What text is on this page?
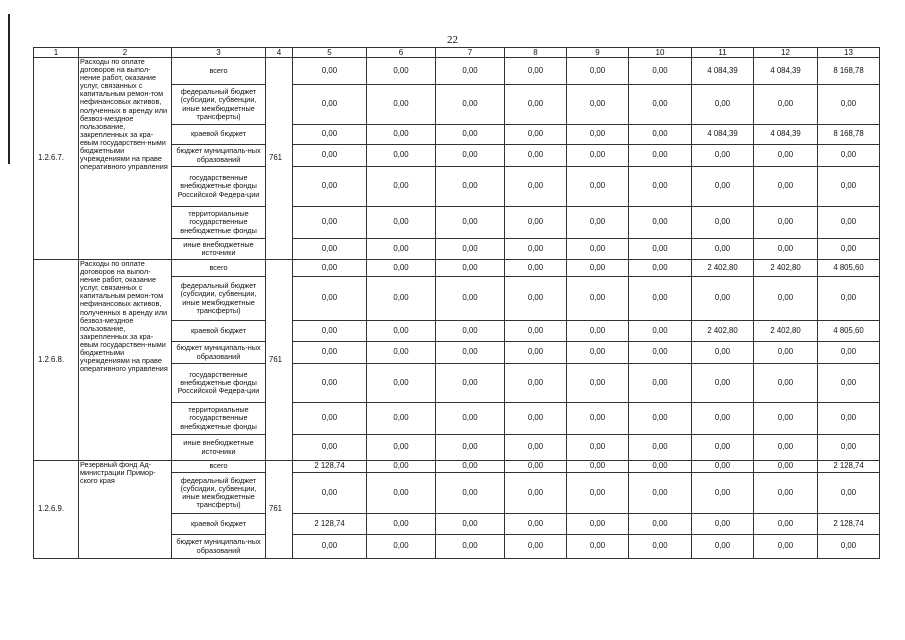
22
1	2	3	4	5	6	7	8	9	10	11	12	13
1.2.6.7.	Расходы по оплате договоров на выпол-нение работ, оказание услуг, связанных с капитальным ремон-том нефинансовых активов, полученных в аренду или безвоз-мездное пользование, закрепленных за кра-евым государствен-ными бюджетными учреждениями на праве оперативного управления	всего	761	0,00	0,00	0,00	0,00	0,00	0,00	4 084,39	4 084,39	8 168,78
		федеральный бюджет (субсидии, субвенции, иные межбюджетные трансферты)		0,00	0,00	0,00	0,00	0,00	0,00	0,00	0,00	0,00
		краевой бюджет		0,00	0,00	0,00	0,00	0,00	0,00	4 084,39	4 084,39	8 168,78
		бюджет муниципаль-ных образований		0,00	0,00	0,00	0,00	0,00	0,00	0,00	0,00	0,00
		государственные внебюджетные фонды Российской Федера-ции		0,00	0,00	0,00	0,00	0,00	0,00	0,00	0,00	0,00
		территориальные государственные внебюджетные фонды		0,00	0,00	0,00	0,00	0,00	0,00	0,00	0,00	0,00
		иные внебюджетные источники		0,00	0,00	0,00	0,00	0,00	0,00	0,00	0,00	0,00
1.2.6.8.	Расходы по оплате договоров на выпол-нение работ, оказание услуг, связанных с капитальным ремон-том нефинансовых активов, полученных в аренду или безвоз-мездное пользование, закрепленных за кра-евым государствен-ными бюджетными учреждениями на праве оперативного управления	всего	761	0,00	0,00	0,00	0,00	0,00	0,00	2 402,80	2 402,80	4 805,60
		федеральный бюджет (субсидии, субвенции, иные межбюджетные трансферты)		0,00	0,00	0,00	0,00	0,00	0,00	0,00	0,00	0,00
		краевой бюджет		0,00	0,00	0,00	0,00	0,00	0,00	2 402,80	2 402,80	4 805,60
		бюджет муниципаль-ных образований		0,00	0,00	0,00	0,00	0,00	0,00	0,00	0,00	0,00
		государственные внебюджетные фонды Российской Федера-ции		0,00	0,00	0,00	0,00	0,00	0,00	0,00	0,00	0,00
		территориальные государственные внебюджетные фонды		0,00	0,00	0,00	0,00	0,00	0,00	0,00	0,00	0,00
		иные внебюджетные источники		0,00	0,00	0,00	0,00	0,00	0,00	0,00	0,00	0,00
1.2.6.9.	Резервный фонд Ад-министрации Примор-ского края	всего	761	2 128,74	0,00	0,00	0,00	0,00	0,00	0,00	0,00	2 128,74
		федеральный бюджет (субсидии, субвенции, иные межбюджетные трансферты)		0,00	0,00	0,00	0,00	0,00	0,00	0,00	0,00	0,00
		краевой бюджет		2 128,74	0,00	0,00	0,00	0,00	0,00	0,00	0,00	2 128,74
		бюджет муниципаль-ных образований		0,00	0,00	0,00	0,00	0,00	0,00	0,00	0,00	0,00
